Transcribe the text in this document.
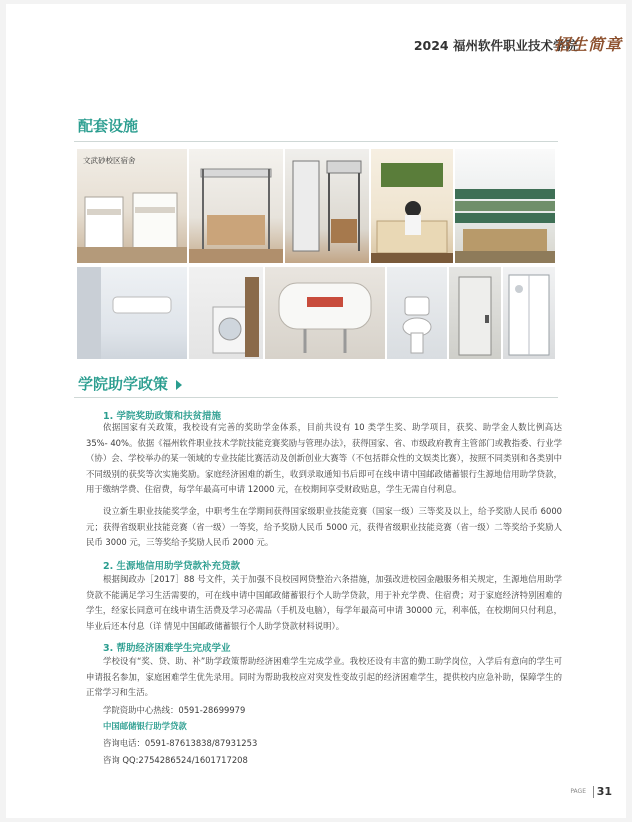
2024 福州软件职业技术学院
招生简章
配套设施
文武砂校区宿舍
学院助学政策
1. 学院奖助政策和扶贫措施

依据国家有关政策，我校设有完善的奖助学金体系，目前共设有 10 类学生奖、助学项目，获奖、助学金人数比例高达 35%- 40%。依据《福州软件职业技术学院技能竞赛奖励与管理办法》，获得国家、省、市级政府教育主管部门或教指委、行业学（协）会、学校举办的某一领域的专业技能比赛活动及创新创业大赛等（不包括群众性的文娱类比赛），按照不同类别和各类别中不同级别的获奖等次实施奖励。家庭经济困难的新生，收到录取通知书后即可在线申请中国邮政储蓄银行生源地信用助学贷款，用于缴纳学费、住宿费，每学年最高可申请 12000 元，在校期间享受财政贴息，学生无需自付利息。

设立新生职业技能奖学金，中职考生在学期间获得国家级职业技能竞赛（国家一级）三等奖及以上，给予奖励人民币 6000 元；获得省级职业技能竞赛（省一级）一等奖，给予奖励人民币 5000 元，获得省级职业技能竞赛（省一级）二等奖给予奖励人民币 3000 元，三等奖给予奖励人民币 2000 元。

2. 生源地信用助学贷款补充贷款

根据闽政办［2017］88 号文件，关于加强不良校园网贷整治六条措施，加强改进校园金融服务相关规定，生源地信用助学贷款不能满足学习生活需要的，可在线申请中国邮政储蓄银行个人助学贷款，用于补充学费、住宿费；对于家庭经济特别困难的学生，经家长同意可在线申请生活费及学习必需品（手机及电脑），每学年最高可申请 30000 元，利率低，在校期间只付利息，毕业后还本付息（详 情见中国邮政储蓄银行个人助学贷款材料说明）。

3. 帮助经济困难学生完成学业

学校设有“奖、贷、助、补”助学政策帮助经济困难学生完成学业。我校还设有丰富的勤工助学岗位，入学后有意向的学生可申请报名参加，家庭困难学生优先录用。同时为帮助我校应对突发性变故引起的经济困难学生，提供校内应急补助，保障学生的正常学习和生活。

学院资助中心热线：0591-28699979
中国邮储银行助学贷款
咨询电话：0591-87613838/87931253
咨询 QQ:2754286524/1601717208
PAGE 31
